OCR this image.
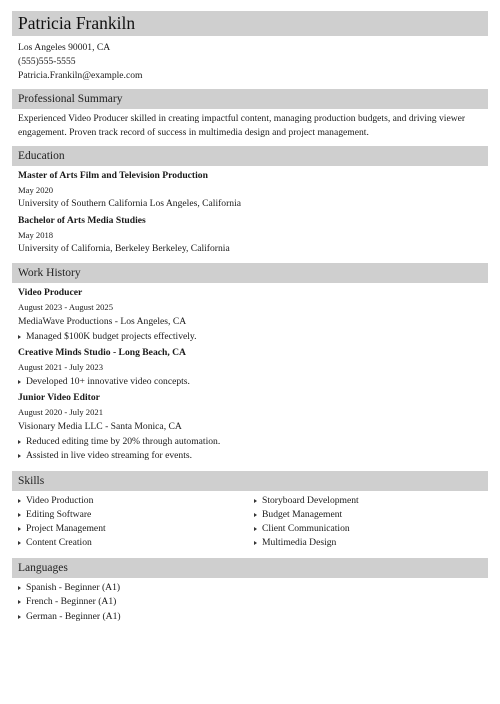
Patricia Frankiln
Los Angeles 90001, CA
(555)555-5555
Patricia.Frankiln@example.com
Professional Summary
Experienced Video Producer skilled in creating impactful content, managing production budgets, and driving viewer engagement. Proven track record of success in multimedia design and project management.
Education
Master of Arts Film and Television Production
May 2020
University of Southern California Los Angeles, California
Bachelor of Arts Media Studies
May 2018
University of California, Berkeley Berkeley, California
Work History
Video Producer
August 2023 - August 2025
MediaWave Productions - Los Angeles, CA
Managed $100K budget projects effectively.
Creative Minds Studio - Long Beach, CA
August 2021 - July 2023
Developed 10+ innovative video concepts.
Junior Video Editor
August 2020 - July 2021
Visionary Media LLC - Santa Monica, CA
Reduced editing time by 20% through automation.
Assisted in live video streaming for events.
Skills
Video Production
Editing Software
Project Management
Content Creation
Storyboard Development
Budget Management
Client Communication
Multimedia Design
Languages
Spanish - Beginner (A1)
French - Beginner (A1)
German - Beginner (A1)
